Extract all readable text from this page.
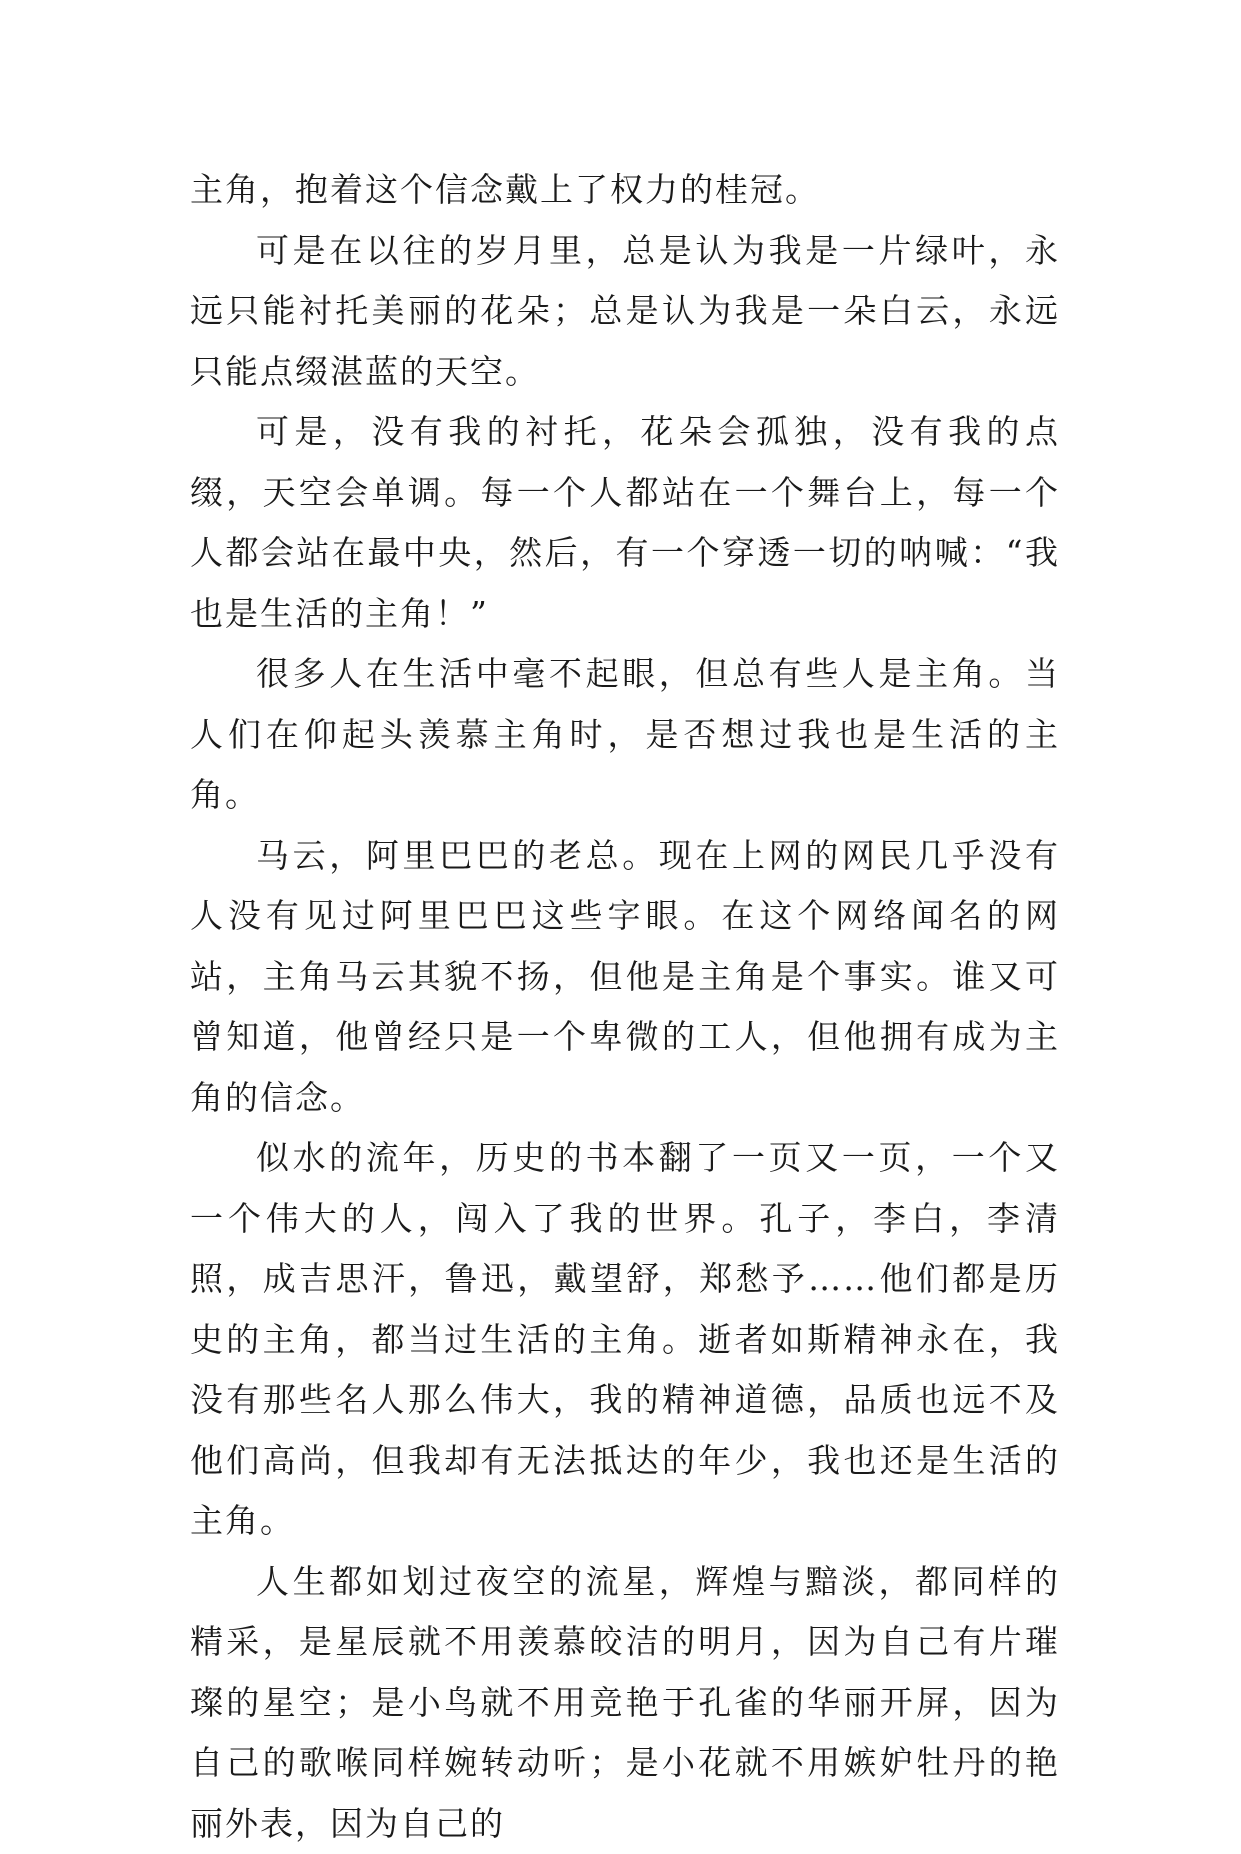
主角，抱着这个信念戴上了权力的桂冠。

可是在以往的岁月里，总是认为我是一片绿叶，永远只能衬托美丽的花朵；总是认为我是一朵白云，永远只能点缀湛蓝的天空。

可是，没有我的衬托，花朵会孤独，没有我的点缀，天空会单调。每一个人都站在一个舞台上，每一个人都会站在最中央，然后，有一个穿透一切的呐喊：“我也是生活的主角！”

很多人在生活中毫不起眼，但总有些人是主角。当人们在仰起头羡慕主角时，是否想过我也是生活的主角。

马云，阿里巴巴的老总。现在上网的网民几乎没有人没有见过阿里巴巴这些字眼。在这个网络闻名的网站，主角马云其貌不扬，但他是主角是个事实。谁又可曾知道，他曾经只是一个卑微的工人，但他拥有成为主角的信念。

似水的流年，历史的书本翻了一页又一页，一个又一个伟大的人，闯入了我的世界。孔子，李白，李清照，成吉思汗，鲁迅，戴望舒，郑愁予……他们都是历史的主角，都当过生活的主角。逝者如斯精神永在，我没有那些名人那么伟大，我的精神道德，品质也远不及他们高尚，但我却有无法抵达的年少，我也还是生活的主角。

人生都如划过夜空的流星，辉煌与黯淡，都同样的精采，是星辰就不用羡慕皎洁的明月，因为自己有片璀璨的星空；是小鸟就不用竞艳于孔雀的华丽开屏，因为自己的歌喉同样婉转动听；是小花就不用嫉妒牡丹的艳丽外表，因为自己的
